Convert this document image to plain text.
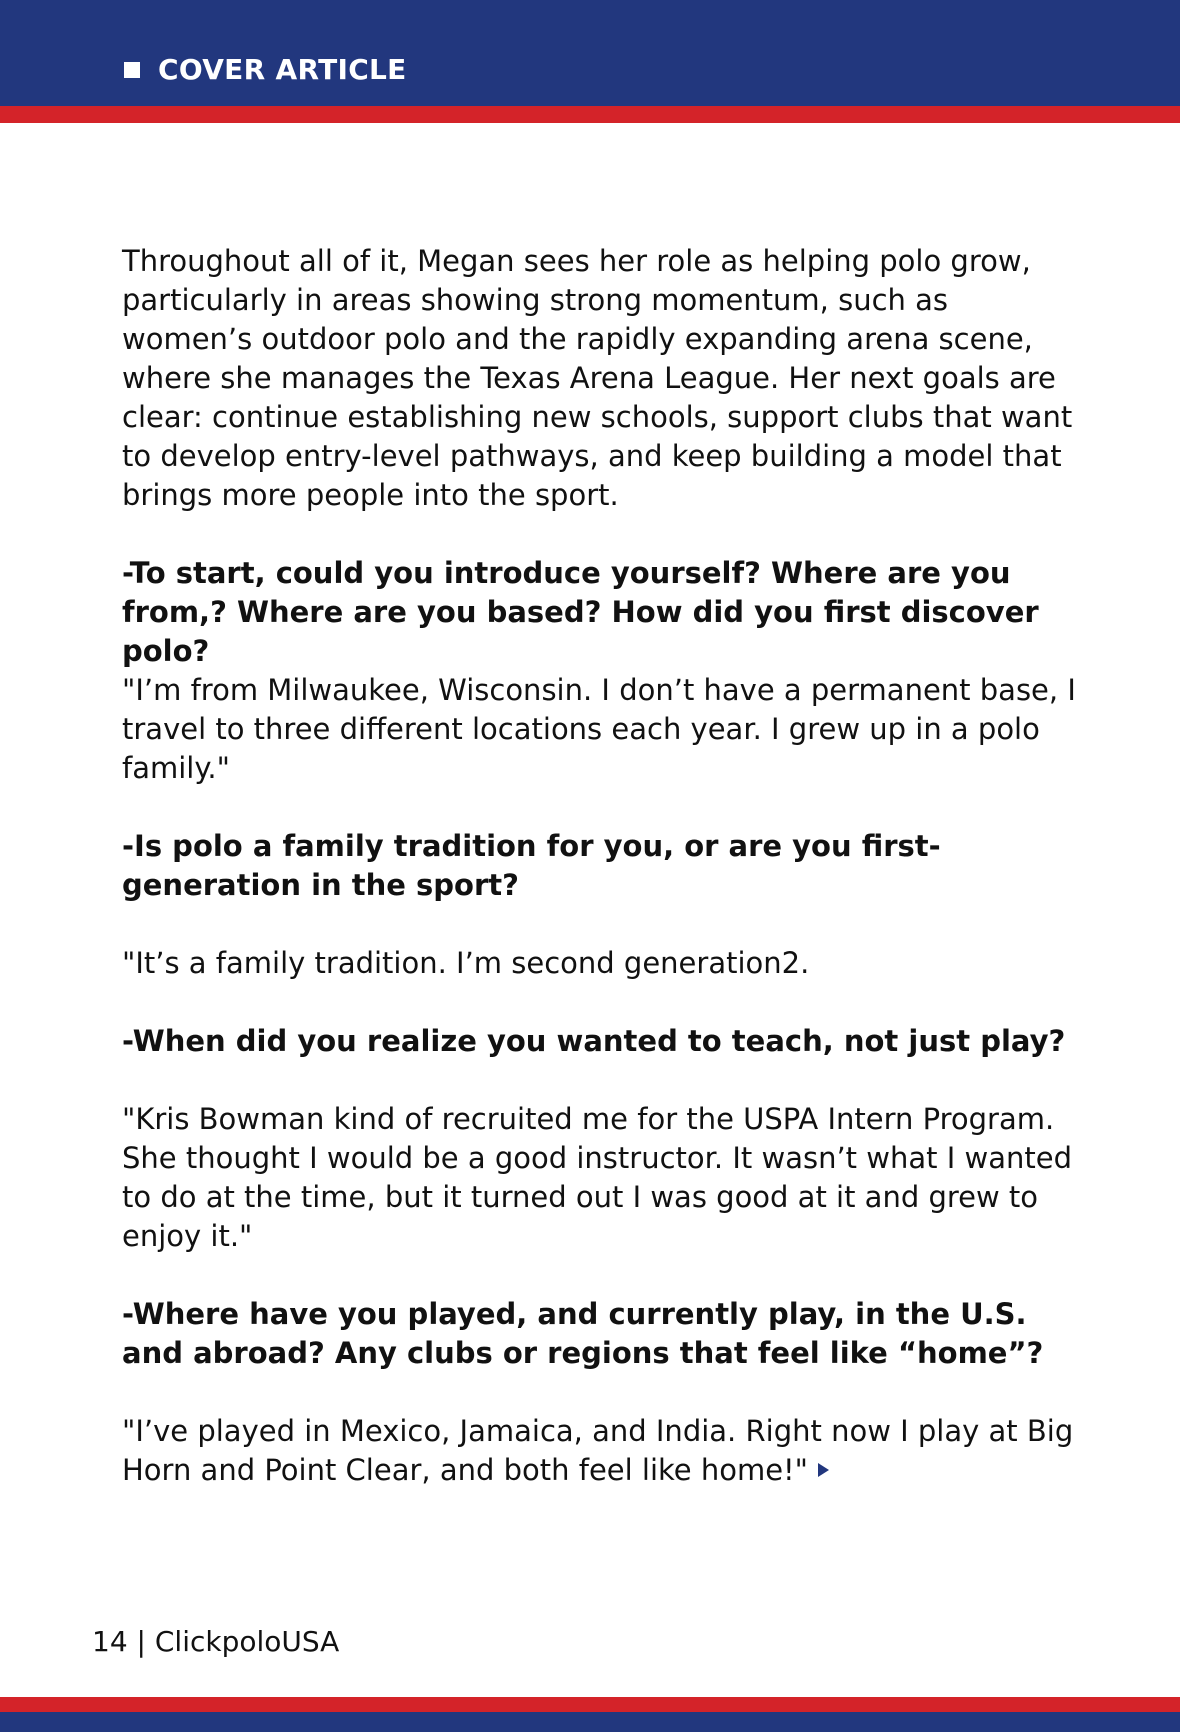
COVER ARTICLE

Throughout all of it, Megan sees her role as helping polo grow, particularly in areas showing strong momentum, such as women’s outdoor polo and the rapidly expanding arena scene, where she manages the Texas Arena League. Her next goals are clear: continue establishing new schools, support clubs that want to develop entry-level pathways, and keep building a model that brings more people into the sport.

-To start, could you introduce yourself? Where are you from,? Where are you based? How did you first discover polo?

"I’m from Milwaukee, Wisconsin. I don’t have a permanent base, I travel to three different locations each year. I grew up in a polo family."

-Is polo a family tradition for you, or are you first-generation in the sport?

"It’s a family tradition. I’m second generation2.

-When did you realize you wanted to teach, not just play?

"Kris Bowman kind of recruited me for the USPA Intern Program. She thought I would be a good instructor. It wasn’t what I wanted to do at the time, but it turned out I was good at it and grew to enjoy it."

-Where have you played, and currently play, in the U.S. and abroad? Any clubs or regions that feel like “home”?

"I’ve played in Mexico, Jamaica, and India. Right now I play at Big Horn and Point Clear, and both feel like home!"

14 | ClickpoloUSA
